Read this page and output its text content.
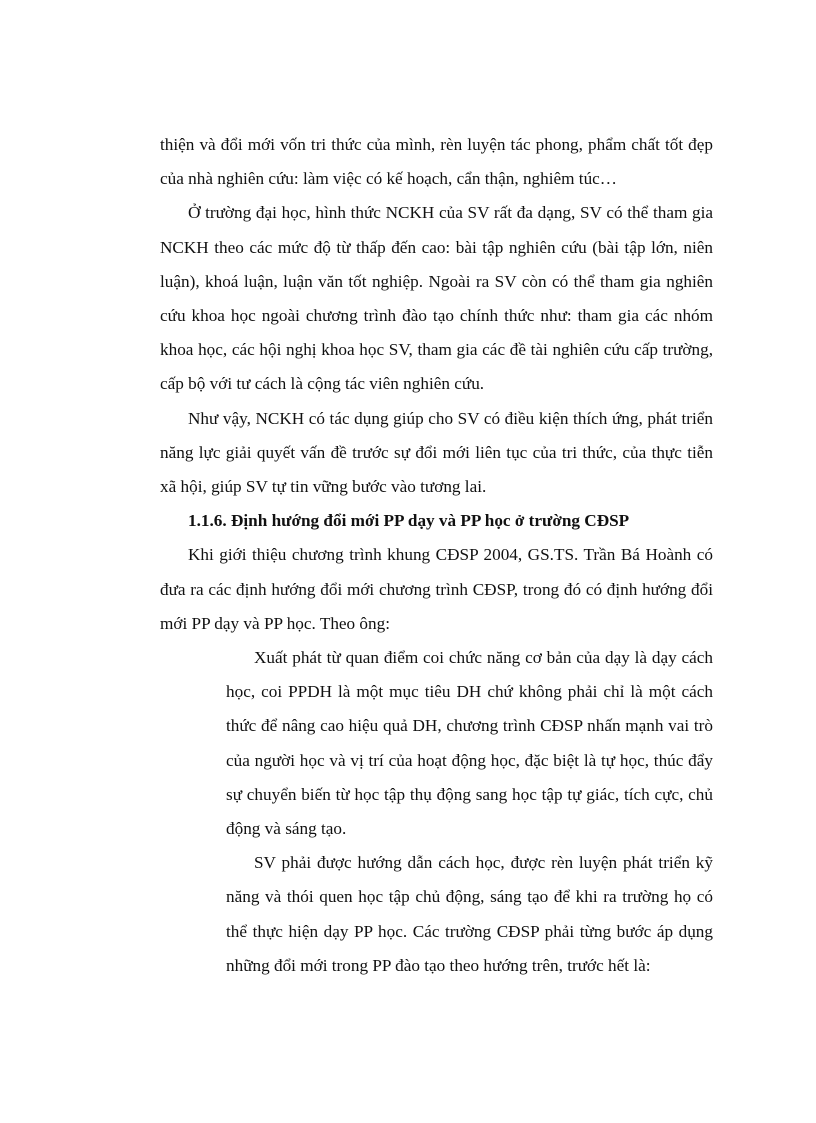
thiện và đổi mới vốn tri thức của mình, rèn luyện tác phong, phẩm chất tốt đẹp của nhà nghiên cứu: làm việc có kế hoạch, cẩn thận, nghiêm túc…

Ở trường đại học, hình thức NCKH của SV rất đa dạng, SV có thể tham gia NCKH theo các mức độ từ thấp đến cao: bài tập nghiên cứu (bài tập lớn, niên luận), khoá luận, luận văn tốt nghiệp. Ngoài ra SV còn có thể tham gia nghiên cứu khoa học ngoài chương trình đào tạo chính thức như: tham gia các nhóm khoa học, các hội nghị khoa học SV, tham gia các đề tài nghiên cứu cấp trường, cấp bộ với tư cách là cộng tác viên nghiên cứu.

Như vậy, NCKH có tác dụng giúp cho SV có điều kiện thích ứng, phát triển năng lực giải quyết vấn đề trước sự đổi mới liên tục của tri thức, của thực tiễn xã hội, giúp SV tự tin vững bước vào tương lai.

1.1.6. Định hướng đổi mới PP dạy và PP học ở trường CĐSP

Khi giới thiệu chương trình khung CĐSP 2004, GS.TS. Trần Bá Hoành có đưa ra các định hướng đổi mới chương trình CĐSP, trong đó có định hướng đổi mới PP dạy và PP học. Theo ông:

Xuất phát từ quan điểm coi chức năng cơ bản của dạy là dạy cách học, coi PPDH là một mục tiêu DH chứ không phải chỉ là một cách thức để nâng cao hiệu quả DH, chương trình CĐSP nhấn mạnh vai trò của người học và vị trí của hoạt động học, đặc biệt là tự học, thúc đẩy sự chuyển biến từ học tập thụ động sang học tập tự giác, tích cực, chủ động và sáng tạo.

SV phải được hướng dẫn cách học, được rèn luyện phát triển kỹ năng và thói quen học tập chủ động, sáng tạo để khi ra trường họ có thể thực hiện dạy PP học. Các trường CĐSP phải từng bước áp dụng những đổi mới trong PP đào tạo theo hướng trên, trước hết là:
